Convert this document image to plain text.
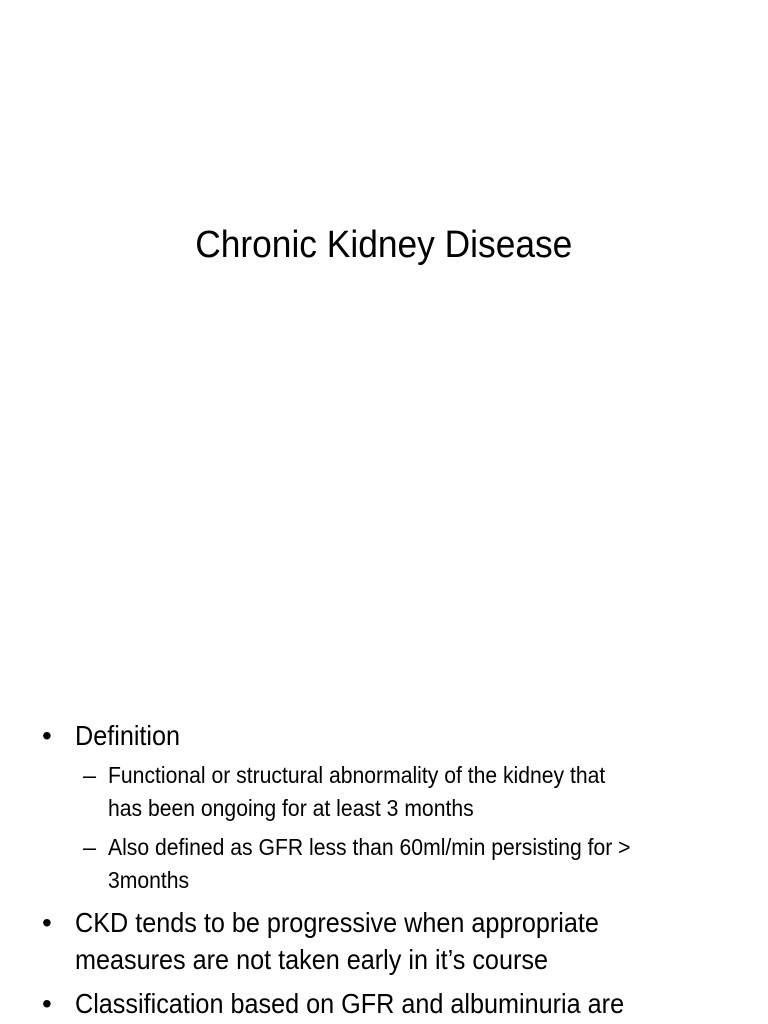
Chronic Kidney Disease
• Definition
– Functional or structural abnormality of the kidney that
has been ongoing for at least 3 months
– Also defined as GFR less than 60ml/min persisting for >
3months
• CKD tends to be progressive when appropriate
measures are not taken early in it’s course
• Classification based on GFR and albuminuria are
